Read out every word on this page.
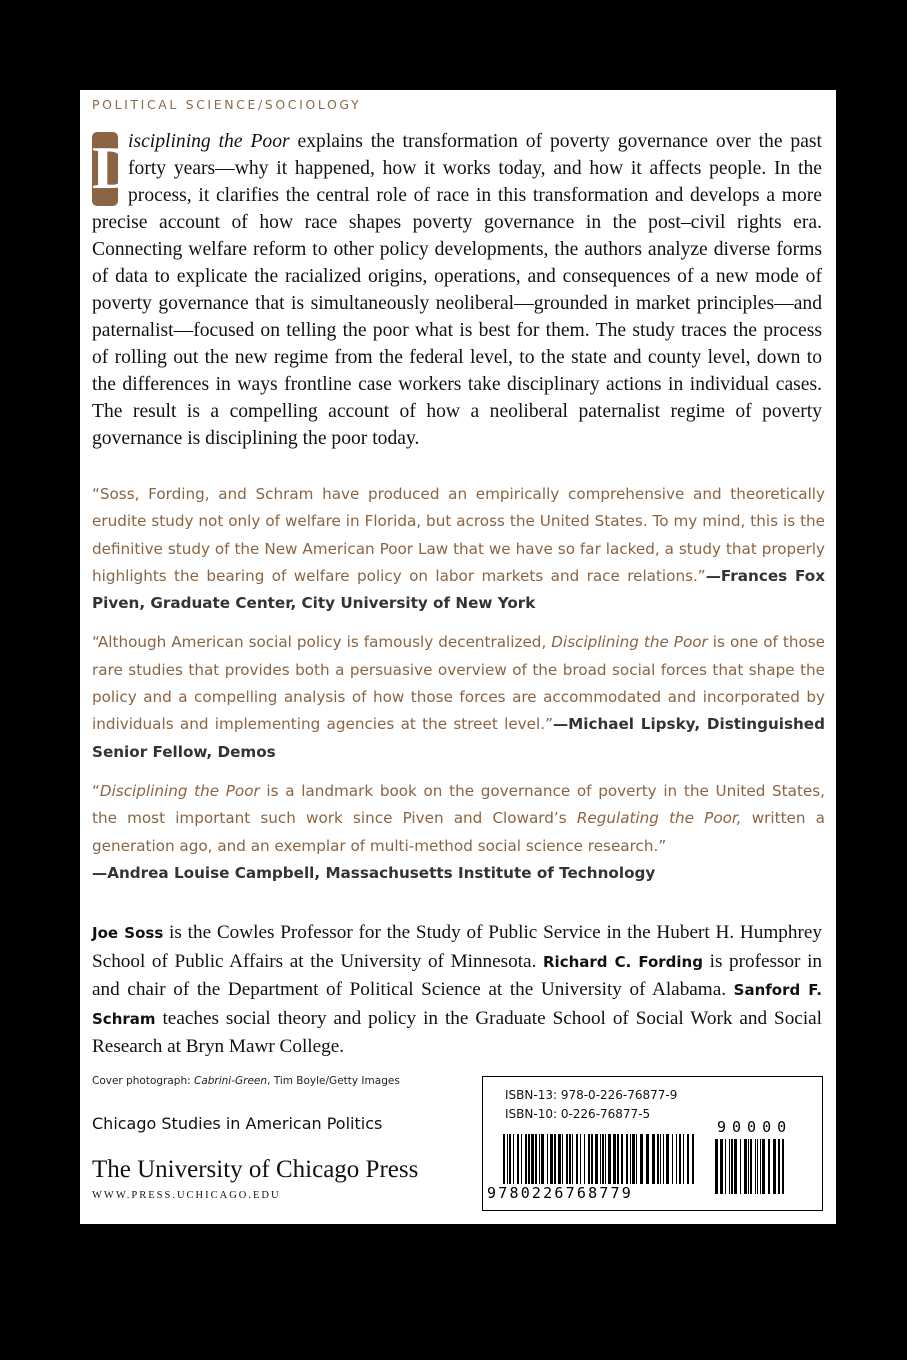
POLITICAL SCIENCE/SOCIOLOGY

D
isciplining the Poor explains the transformation of poverty governance over the past forty years—why it happened, how it works today, and how it affects people. In the process, it clarifies the central role of race in this transformation and develops a more precise account of how race shapes poverty governance in the post–civil rights era. Connecting welfare reform to other policy developments, the authors analyze diverse forms of data to explicate the racialized origins, operations, and consequences of a new mode of poverty governance that is simultaneously neoliberal—grounded in market principles—and paternalist—focused on telling the poor what is best for them. The study traces the process of rolling out the new regime from the federal level, to the state and county level, down to the differences in ways frontline case workers take disciplinary actions in individual cases. The result is a compelling account of how a neoliberal paternalist regime of poverty governance is disciplining the poor today.

“Soss, Fording, and Schram have produced an empirically comprehensive and theoretically erudite study not only of welfare in Florida, but across the United States. To my mind, this is the definitive study of the New American Poor Law that we have so far lacked, a study that properly highlights the bearing of welfare policy on labor markets and race relations.”—Frances Fox Piven, Graduate Center, City University of New York

“Although American social policy is famously decentralized, Disciplining the Poor is one of those rare studies that provides both a persuasive overview of the broad social forces that shape the policy and a compelling analysis of how those forces are accommodated and incorporated by individuals and implementing agencies at the street level.”—Michael Lipsky, Distinguished Senior Fellow, Demos

“Disciplining the Poor is a landmark book on the governance of poverty in the United States, the most important such work since Piven and Cloward’s Regulating the Poor, written a generation ago, and an exemplar of multi-method social science research.”
—Andrea Louise Campbell, Massachusetts Institute of Technology

Joe Soss is the Cowles Professor for the Study of Public Service in the Hubert H. Humphrey School of Public Affairs at the University of Minnesota. Richard C. Fording is professor in and chair of the Department of Political Science at the University of Alabama. Sanford F. Schram teaches social theory and policy in the Graduate School of Social Work and Social Research at Bryn Mawr College.

Cover photograph: Cabrini-Green, Tim Boyle/Getty Images
Chicago Studies in American Politics
The University of Chicago Press
WWW.PRESS.UCHICAGO.EDU
ISBN-13: 978-0-226-76877-9
ISBN-10: 0-226-76877-5
9780226768779
90000
